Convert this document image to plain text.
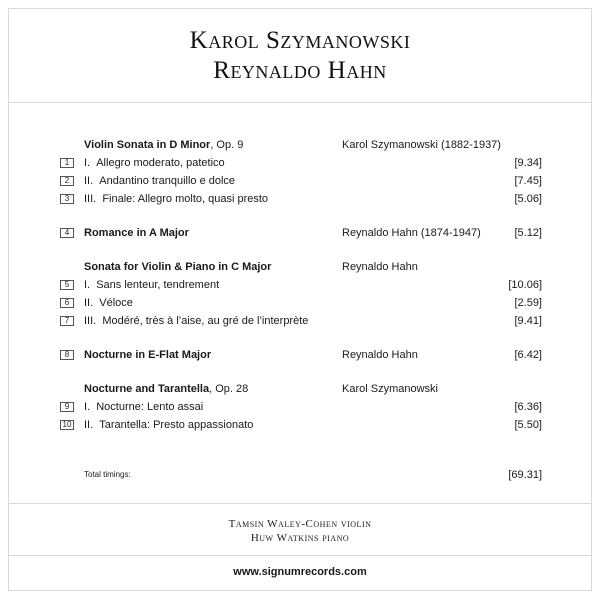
Karol Szymanowski
Reynaldo Hahn
Violin Sonata in D Minor, Op. 9	Karol Szymanowski (1882-1937)
1	I.  Allegro moderato, patetico	[9.34]
2	II.  Andantino tranquillo e dolce	[7.45]
3	III.  Finale: Allegro molto, quasi presto	[5.06]
4	Romance in A Major	Reynaldo Hahn (1874-1947)	[5.12]
Sonata for Violin & Piano in C Major	Reynaldo Hahn
5	I.  Sans lenteur, tendrement	[10.06]
6	II.  Véloce	[2.59]
7	III.  Modéré, très à l’aise, au gré de l’interprète	[9.41]
8	Nocturne in E-Flat Major	Reynaldo Hahn	[6.42]
Nocturne and Tarantella, Op. 28	Karol Szymanowski
9	I.  Nocturne: Lento assai	[6.36]
10 II.  Tarantella: Presto appassionato	[5.50]
Total timings:	[69.31]
Tamsin Waley-Cohen violin
Huw Watkins piano
www.signumrecords.com
